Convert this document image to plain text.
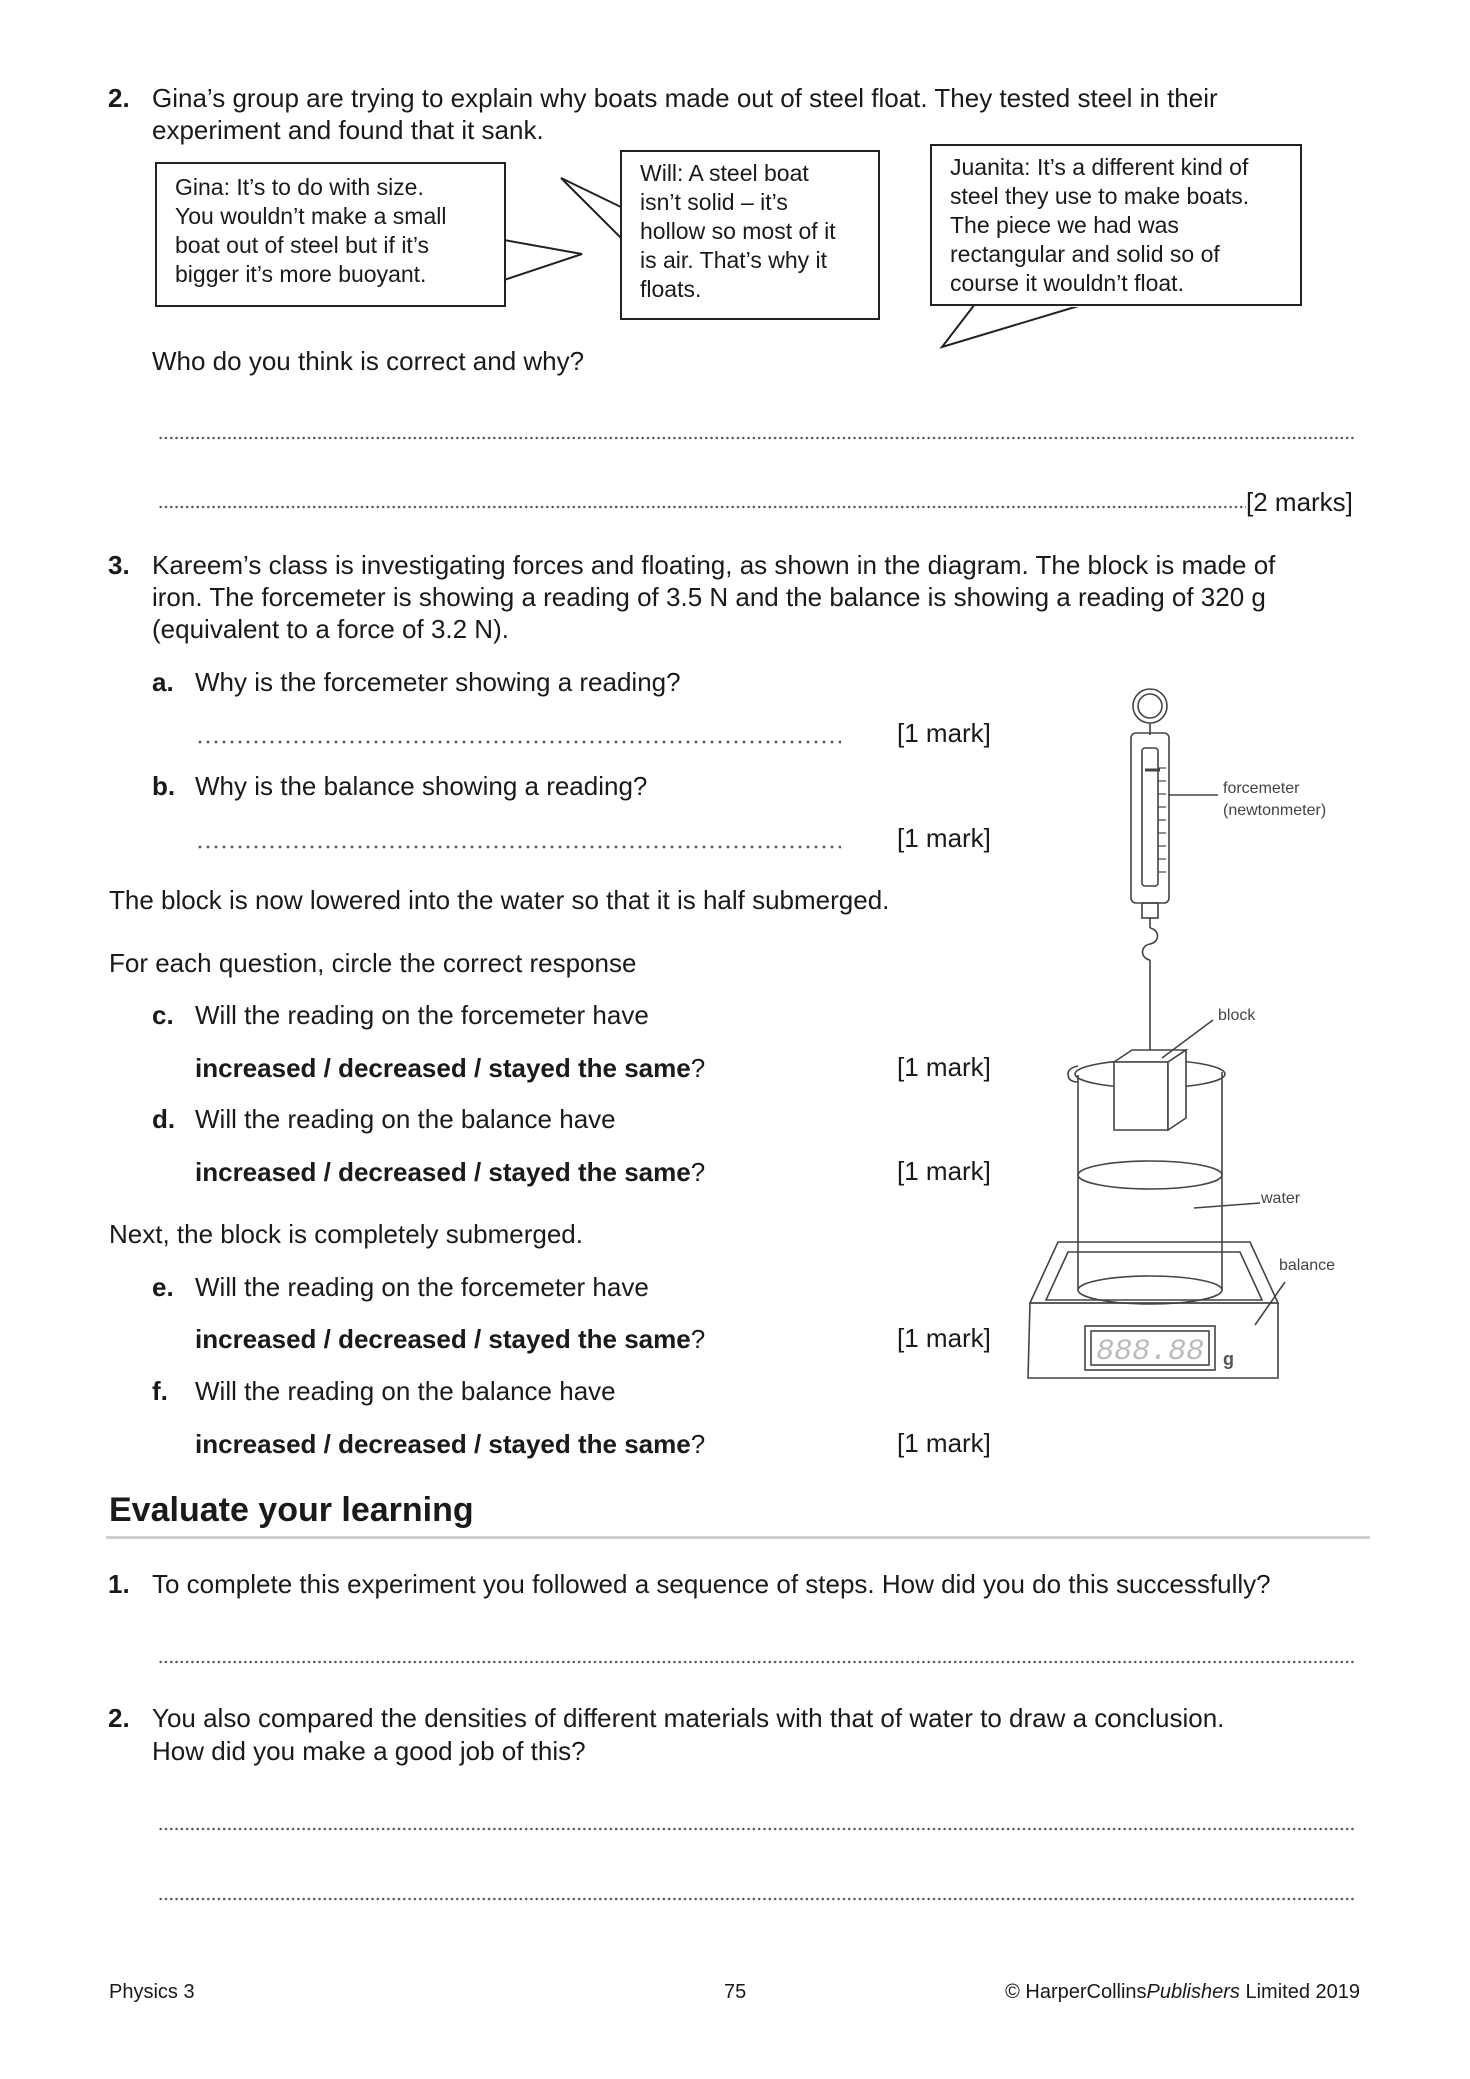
2. Gina’s group are trying to explain why boats made out of steel float. They tested steel in their
experiment and found that it sank.
Gina: It’s to do with size.
You wouldn’t make a small
boat out of steel but if it’s
bigger it’s more buoyant.
Will: A steel boat
isn’t solid – it’s
hollow so most of it
is air. That’s why it
floats.
Juanita: It’s a different kind of
steel they use to make boats.
The piece we had was
rectangular and solid so of
course it wouldn’t float.
Who do you think is correct and why?
[2 marks]
3. Kareem’s class is investigating forces and floating, as shown in the diagram. The block is made of
iron. The forcemeter is showing a reading of 3.5 N and the balance is showing a reading of 320 g
(equivalent to a force of 3.2 N).
a. Why is the forcemeter showing a reading?
[1 mark]
b. Why is the balance showing a reading?
[1 mark]
The block is now lowered into the water so that it is half submerged.
For each question, circle the correct response
c. Will the reading on the forcemeter have
increased / decreased / stayed the same?	[1 mark]
d. Will the reading on the balance have
increased / decreased / stayed the same?	[1 mark]
Next, the block is completely submerged.
e. Will the reading on the forcemeter have
increased / decreased / stayed the same?	[1 mark]
f. Will the reading on the balance have
increased / decreased / stayed the same?	[1 mark]
forcemeter
(newtonmeter)
block
water
balance
888.88 g
Evaluate your learning
1. To complete this experiment you followed a sequence of steps. How did you do this successfully?
2. You also compared the densities of different materials with that of water to draw a conclusion.
How did you make a good job of this?
Physics 3	75	© HarperCollinsPublishers Limited 2019
